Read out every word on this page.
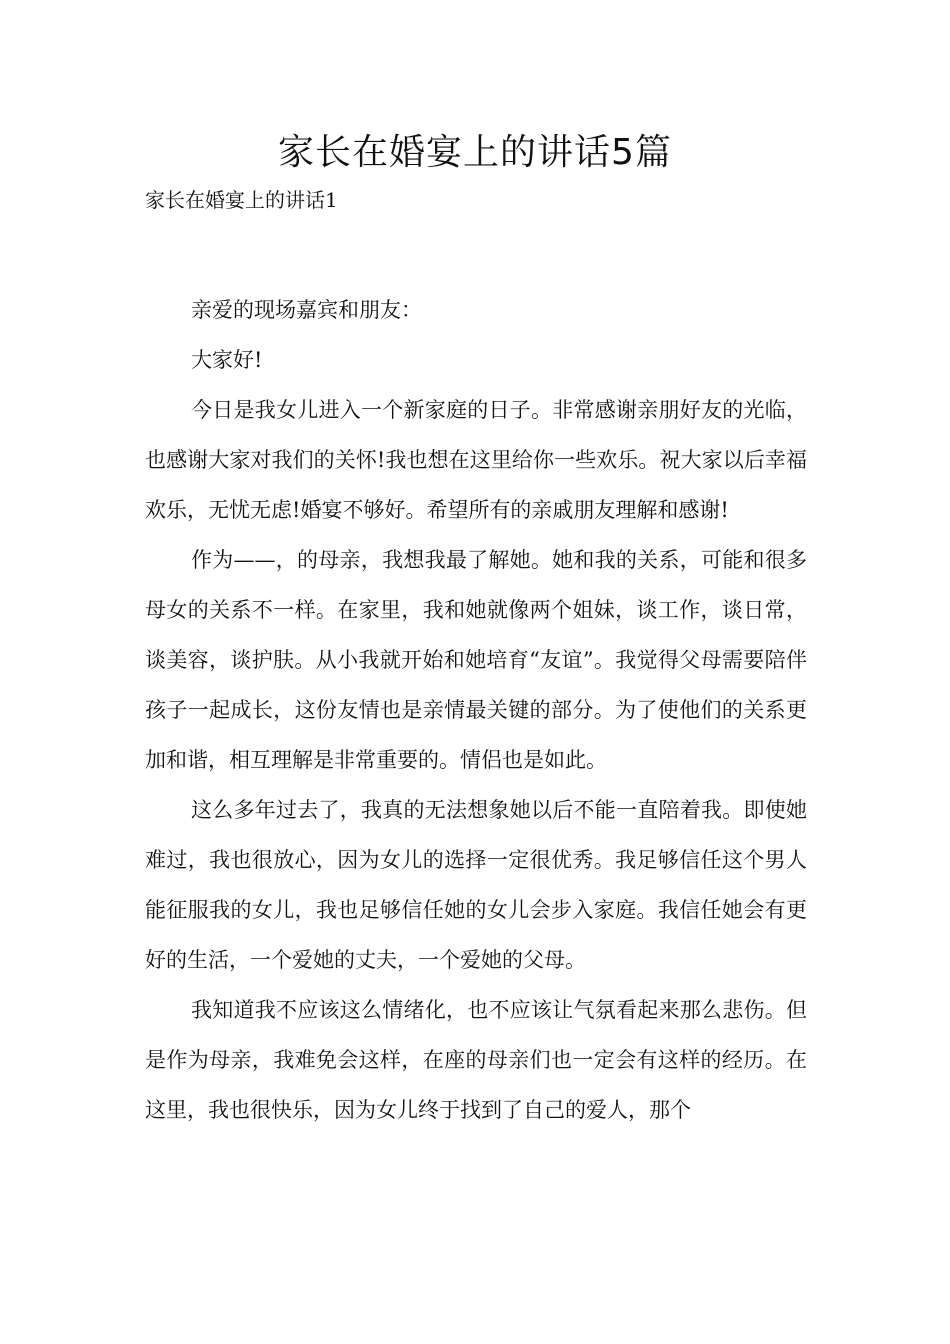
家长在婚宴上的讲话5篇
家长在婚宴上的讲话1

亲爱的现场嘉宾和朋友：

大家好!

今日是我女儿进入一个新家庭的日子。非常感谢亲朋好友的光临，也感谢大家对我们的关怀!我也想在这里给你一些欢乐。祝大家以后幸福欢乐，无忧无虑!婚宴不够好。希望所有的亲戚朋友理解和感谢!

作为——，的母亲，我想我最了解她。她和我的关系，可能和很多母女的关系不一样。在家里，我和她就像两个姐妹，谈工作，谈日常，谈美容，谈护肤。从小我就开始和她培育“友谊”。我觉得父母需要陪伴孩子一起成长，这份友情也是亲情最关键的部分。为了使他们的关系更加和谐，相互理解是非常重要的。情侣也是如此。

这么多年过去了，我真的无法想象她以后不能一直陪着我。即使她难过，我也很放心，因为女儿的选择一定很优秀。我足够信任这个男人能征服我的女儿，我也足够信任她的女儿会步入家庭。我信任她会有更好的生活，一个爱她的丈夫，一个爱她的父母。

我知道我不应该这么情绪化，也不应该让气氛看起来那么悲伤。但是作为母亲，我难免会这样，在座的母亲们也一定会有这样的经历。在这里，我也很快乐，因为女儿终于找到了自己的爱人，那个
